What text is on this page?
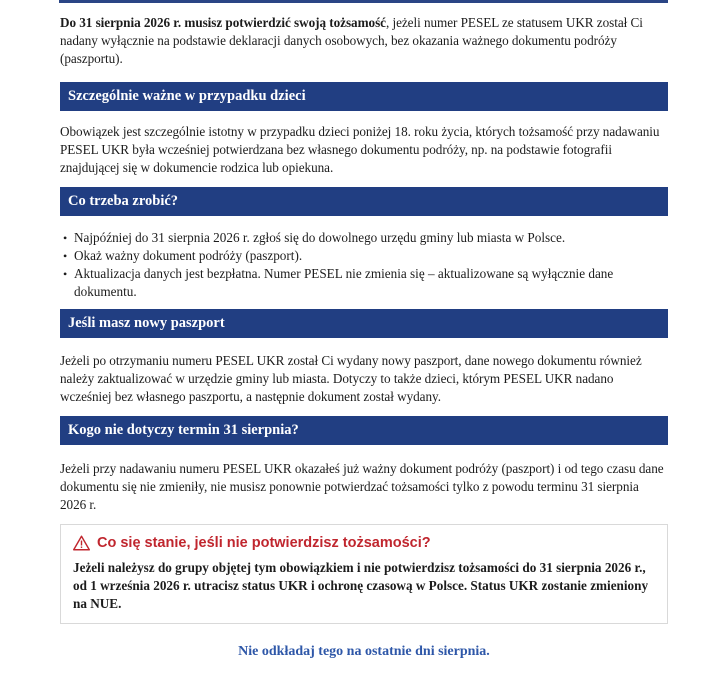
Do 31 sierpnia 2026 r. musisz potwierdzić swoją tożsamość, jeżeli numer PESEL ze statusem UKR został Ci nadany wyłącznie na podstawie deklaracji danych osobowych, bez okazania ważnego dokumentu podróży (paszportu).

Szczególnie ważne w przypadku dzieci

Obowiązek jest szczególnie istotny w przypadku dzieci poniżej 18. roku życia, których tożsamość przy nadawaniu PESEL UKR była wcześniej potwierdzana bez własnego dokumentu podróży, np. na podstawie fotografii znajdującej się w dokumencie rodzica lub opiekuna.

Co trzeba zrobić?
• Najpóźniej do 31 sierpnia 2026 r. zgłoś się do dowolnego urzędu gminy lub miasta w Polsce.
• Okaż ważny dokument podróży (paszport).
• Aktualizacja danych jest bezpłatna. Numer PESEL nie zmienia się – aktualizowane są wyłącznie dane dokumentu.
Jeśli masz nowy paszport

Jeżeli po otrzymaniu numeru PESEL UKR został Ci wydany nowy paszport, dane nowego dokumentu również należy zaktualizować w urzędzie gminy lub miasta. Dotyczy to także dzieci, którym PESEL UKR nadano wcześniej bez własnego paszportu, a następnie dokument został wydany.

Kogo nie dotyczy termin 31 sierpnia?

Jeżeli przy nadawaniu numeru PESEL UKR okazałeś już ważny dokument podróży (paszport) i od tego czasu dane dokumentu się nie zmieniły, nie musisz ponownie potwierdzać tożsamości tylko z powodu terminu 31 sierpnia 2026 r.

Co się stanie, jeśli nie potwierdzisz tożsamości?
Jeżeli należysz do grupy objętej tym obowiązkiem i nie potwierdzisz tożsamości do 31 sierpnia 2026 r., od 1 września 2026 r. utracisz status UKR i ochronę czasową w Polsce. Status UKR zostanie zmieniony na NUE.
Nie odkładaj tego na ostatnie dni sierpnia.
